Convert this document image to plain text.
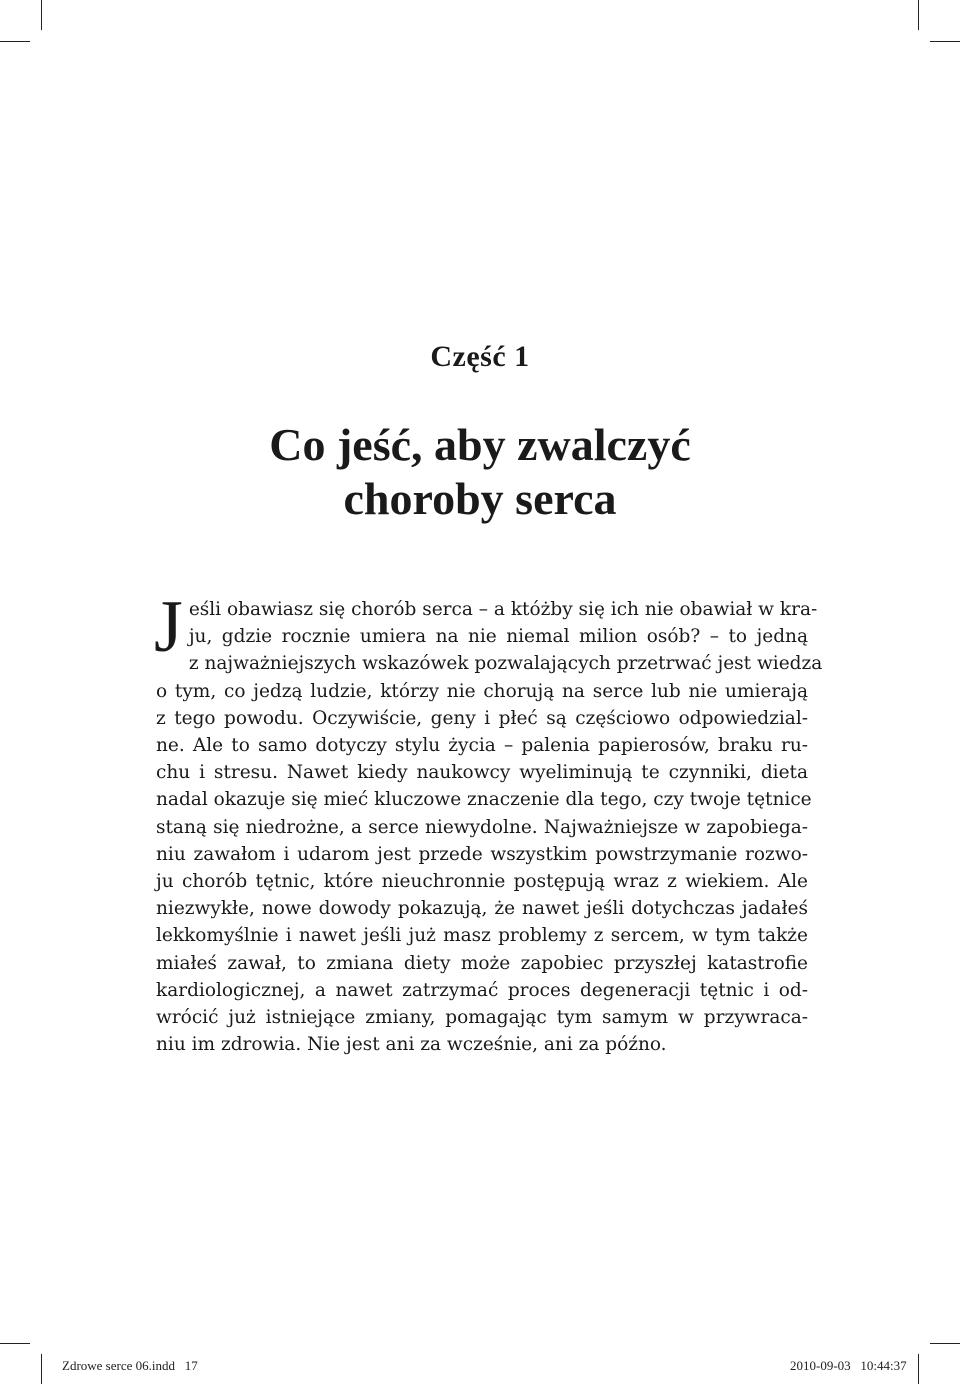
Część 1
Co jeść, aby zwalczyć
choroby serca
J eśli obawiasz się chorób serca – a któżby się ich nie obawiał w kra-
ju, gdzie rocznie umiera na nie niemal milion osób? – to jedną
z najważniejszych wskazówek pozwalających przetrwać jest wiedza
o tym, co jedzą ludzie, którzy nie chorują na serce lub nie umierają
z tego powodu. Oczywiście, geny i płeć są częściowo odpowiedzial-
ne. Ale to samo dotyczy stylu życia – palenia papierosów, braku ru-
chu i stresu. Nawet kiedy naukowcy wyeliminują te czynniki, dieta
nadal okazuje się mieć kluczowe znaczenie dla tego, czy twoje tętnice
staną się niedrożne, a serce niewydolne. Najważniejsze w zapobiega-
niu zawałom i udarom jest przede wszystkim powstrzymanie rozwo-
ju chorób tętnic, które nieuchronnie postępują wraz z wiekiem. Ale
niezwykłe, nowe dowody pokazują, że nawet jeśli dotychczas jadałeś
lekkomyślnie i nawet jeśli już masz problemy z sercem, w tym także
miałeś zawał, to zmiana diety może zapobiec przyszłej katastrofie
kardiologicznej, a nawet zatrzymać proces degeneracji tętnic i od-
wrócić już istniejące zmiany, pomagając tym samym w przywraca-
niu im zdrowia. Nie jest ani za wcześnie, ani za późno.
Zdrowe serce 06.indd   17	2010-09-03   10:44:37
